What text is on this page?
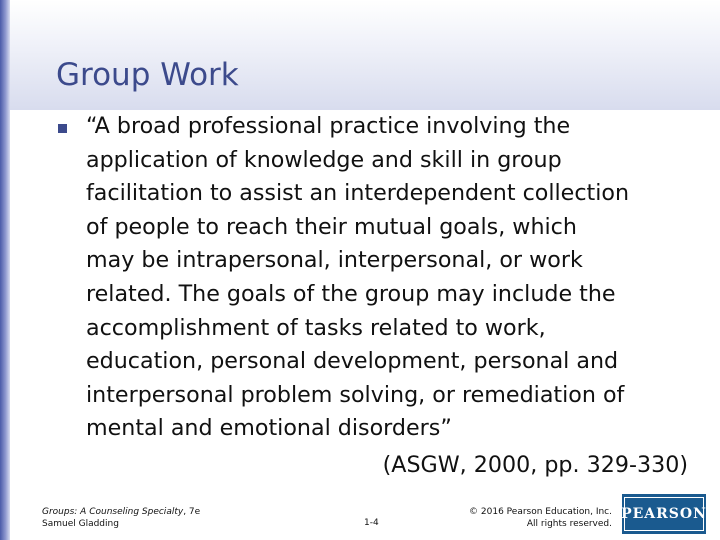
Group Work
“A broad professional practice involving the
application of knowledge and skill in group
facilitation to assist an interdependent collection
of people to reach their mutual goals, which
may be intrapersonal, interpersonal, or work
related. The goals of the group may include the
accomplishment of tasks related to work,
education, personal development, personal and
interpersonal problem solving, or remediation of
mental and emotional disorders”
(ASGW, 2000, pp. 329-330)
Groups: A Counseling Specialty, 7e
Samuel Gladding	1-4
© 2016 Pearson Education, Inc.
All rights reserved.
PEARSON
